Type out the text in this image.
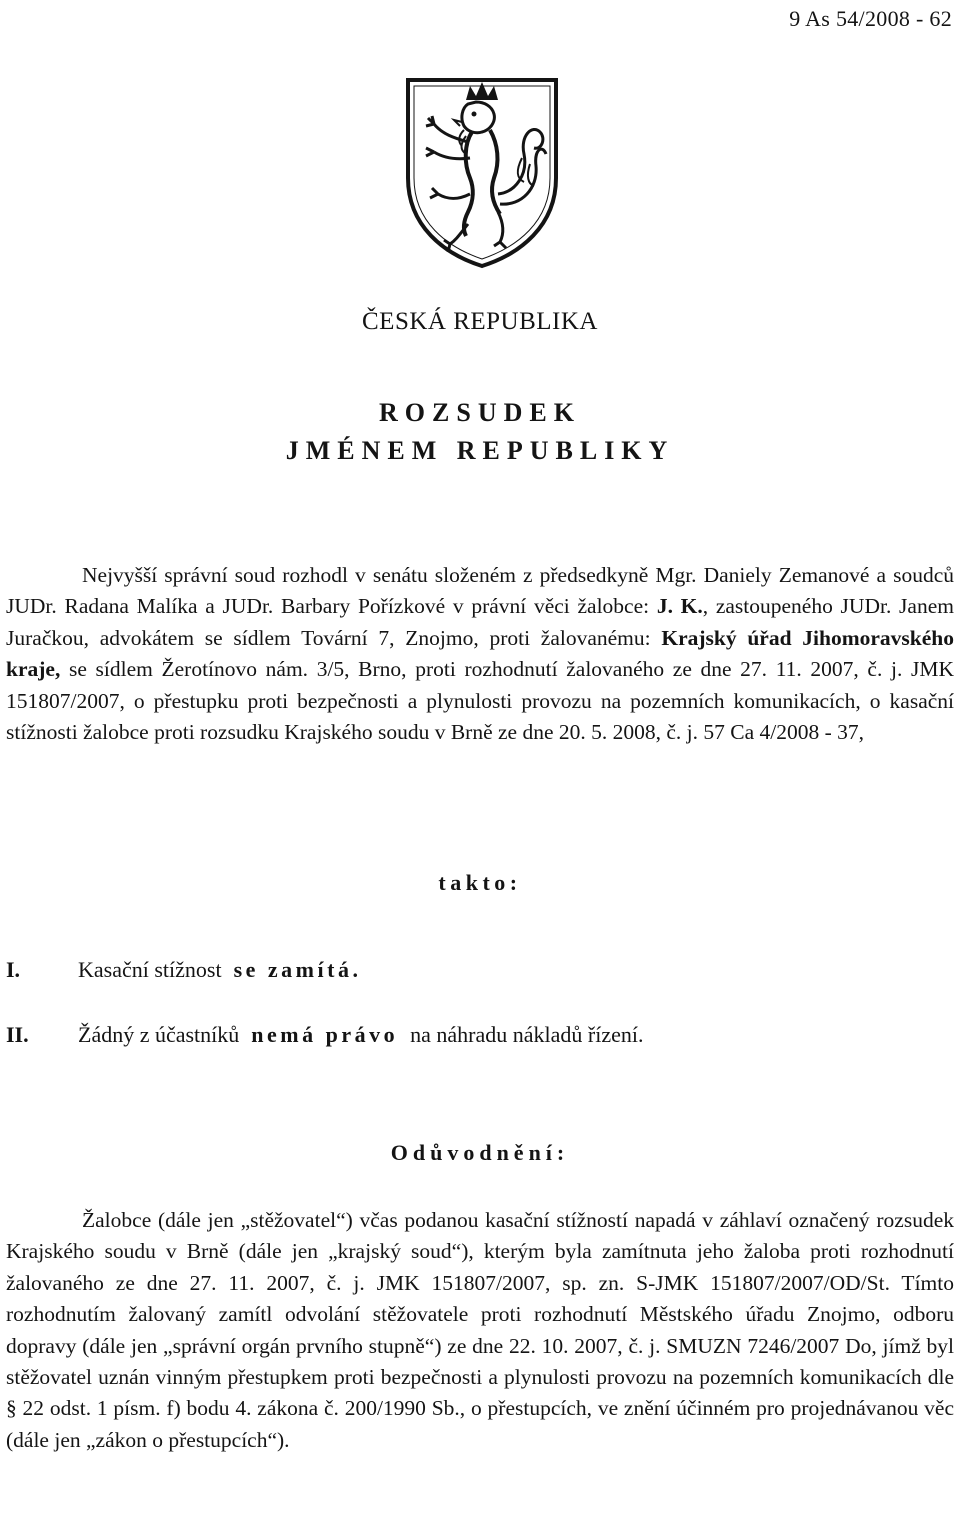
9 As 54/2008 - 62
ČESKÁ REPUBLIKA
ROZSUDEK
JMÉNEM REPUBLIKY

Nejvyšší správní soud rozhodl v senátu složeném z předsedkyně Mgr. Daniely Zemanové a soudců JUDr. Radana Malíka a JUDr. Barbary Pořízkové v právní věci žalobce: J. K., zastoupeného JUDr. Janem Juračkou, advokátem se sídlem Tovární 7, Znojmo, proti žalovanému: Krajský úřad Jihomoravského kraje, se sídlem Žerotínovo nám. 3/5, Brno, proti rozhodnutí žalovaného ze dne 27. 11. 2007, č. j. JMK 151807/2007, o přestupku proti bezpečnosti a plynulosti provozu na pozemních komunikacích, o kasační stížnosti žalobce proti rozsudku Krajského soudu v Brně ze dne 20. 5. 2008, č. j. 57 Ca 4/2008 - 37,

takto:
I.	Kasační stížnost se zamítá.
II. Žádný z účastníků nemá právo na náhradu nákladů řízení.
Odůvodnění:

Žalobce (dále jen „stěžovatel“) včas podanou kasační stížností napadá v záhlaví označený rozsudek Krajského soudu v Brně (dále jen „krajský soud“), kterým byla zamítnuta jeho žaloba proti rozhodnutí žalovaného ze dne 27. 11. 2007, č. j. JMK 151807/2007, sp. zn. S-JMK 151807/2007/OD/St. Tímto rozhodnutím žalovaný zamítl odvolání stěžovatele proti rozhodnutí Městského úřadu Znojmo, odboru dopravy (dále jen „správní orgán prvního stupně“) ze dne 22. 10. 2007, č. j. SMUZN 7246/2007 Do, jímž byl stěžovatel uznán vinným přestupkem proti bezpečnosti a plynulosti provozu na pozemních komunikacích dle § 22 odst. 1 písm. f) bodu 4. zákona č. 200/1990 Sb., o přestupcích, ve znění účinném pro projednávanou věc (dále jen „zákon o přestupcích“).
